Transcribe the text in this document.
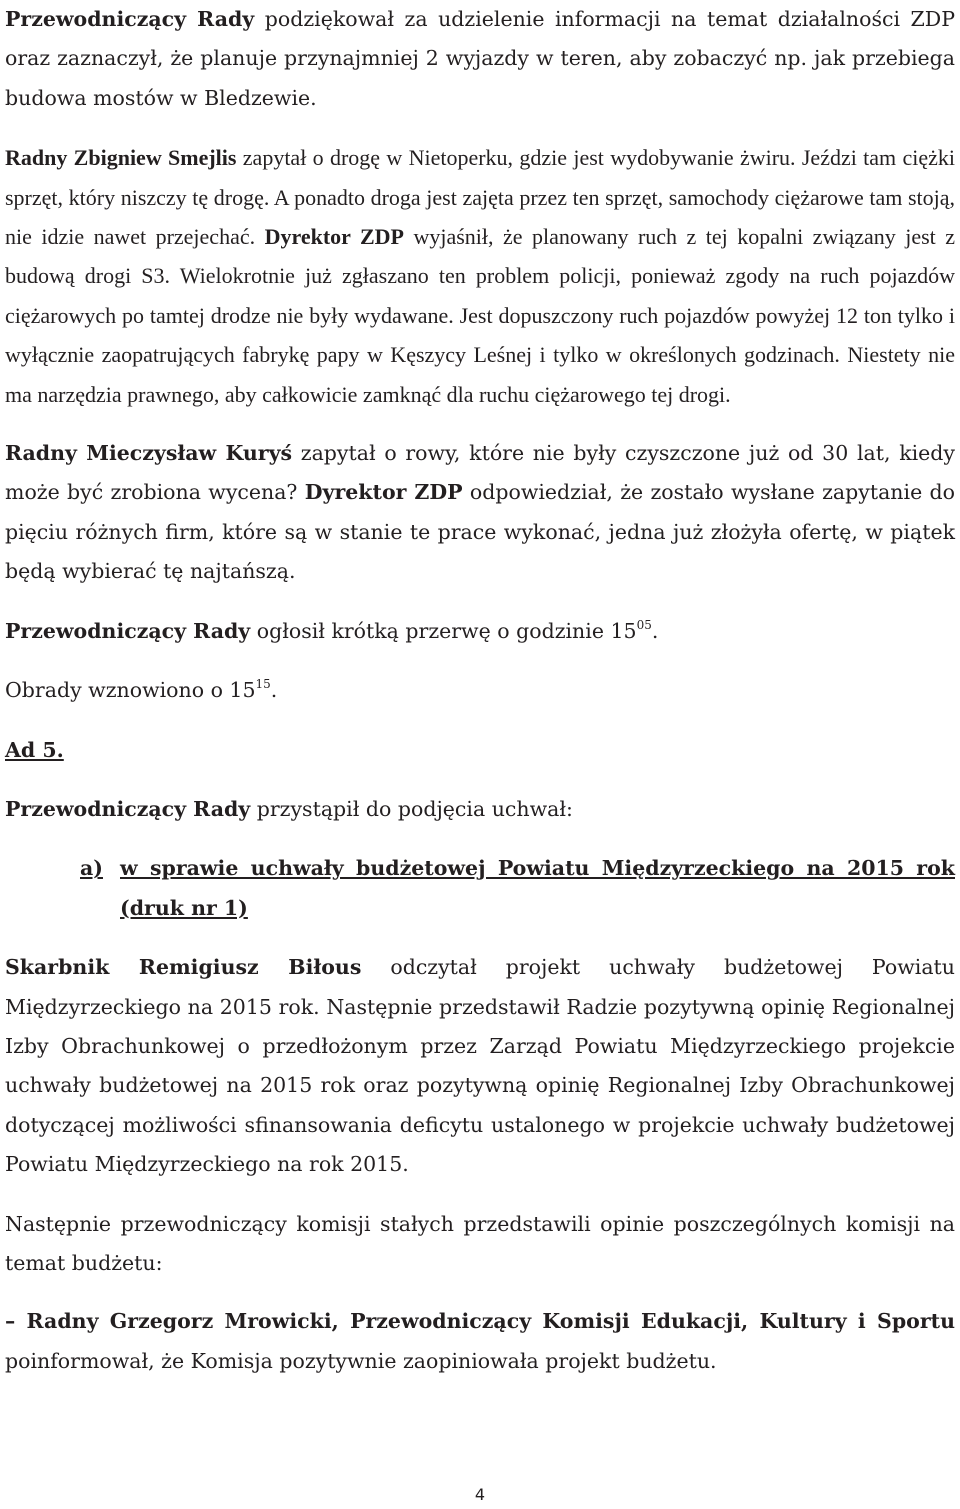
Przewodniczący Rady podziękował za udzielenie informacji na temat działalności ZDP oraz zaznaczył, że planuje przynajmniej 2 wyjazdy w teren, aby zobaczyć np. jak przebiega budowa mostów w Bledzewie.

Radny Zbigniew Smejlis zapytał o drogę w Nietoperku, gdzie jest wydobywanie żwiru. Jeździ tam ciężki sprzęt, który niszczy tę drogę. A ponadto droga jest zajęta przez ten sprzęt, samochody ciężarowe tam stoją, nie idzie nawet przejechać. Dyrektor ZDP wyjaśnił, że planowany ruch z tej kopalni związany jest z budową drogi S3. Wielokrotnie już zgłaszano ten problem policji, ponieważ zgody na ruch pojazdów ciężarowych po tamtej drodze nie były wydawane. Jest dopuszczony ruch pojazdów powyżej 12 ton tylko i wyłącznie zaopatrujących fabrykę papy w Kęszycy Leśnej i tylko w określonych godzinach. Niestety nie ma narzędzia prawnego, aby całkowicie zamknąć dla ruchu ciężarowego tej drogi.

Radny Mieczysław Kuryś zapytał o rowy, które nie były czyszczone już od 30 lat, kiedy może być zrobiona wycena? Dyrektor ZDP odpowiedział, że zostało wysłane zapytanie do pięciu różnych firm, które są w stanie te prace wykonać, jedna już złożyła ofertę, w piątek będą wybierać tę najtańszą.

Przewodniczący Rady ogłosił krótką przerwę o godzinie $15^{05}$.

Obrady wznowiono o $15^{15}$.

Ad 5.

Przewodniczący Rady przystąpił do podjęcia uchwał:

a) w sprawie uchwały budżetowej Powiatu Międzyrzeckiego na 2015 rok (druk nr 1)

Skarbnik Remigiusz Biłous odczytał projekt uchwały budżetowej Powiatu Międzyrzeckiego na 2015 rok. Następnie przedstawił Radzie pozytywną opinię Regionalnej Izby Obrachunkowej o przedłożonym przez Zarząd Powiatu Międzyrzeckiego projekcie uchwały budżetowej na 2015 rok oraz pozytywną opinię Regionalnej Izby Obrachunkowej dotyczącej możliwości sfinansowania deficytu ustalonego w projekcie uchwały budżetowej Powiatu Międzyrzeckiego na rok 2015.

Następnie przewodniczący komisji stałych przedstawili opinie poszczególnych komisji na temat budżetu:

– Radny Grzegorz Mrowicki, Przewodniczący Komisji Edukacji, Kultury i Sportu poinformował, że Komisja pozytywnie zaopiniowała projekt budżetu.

4
